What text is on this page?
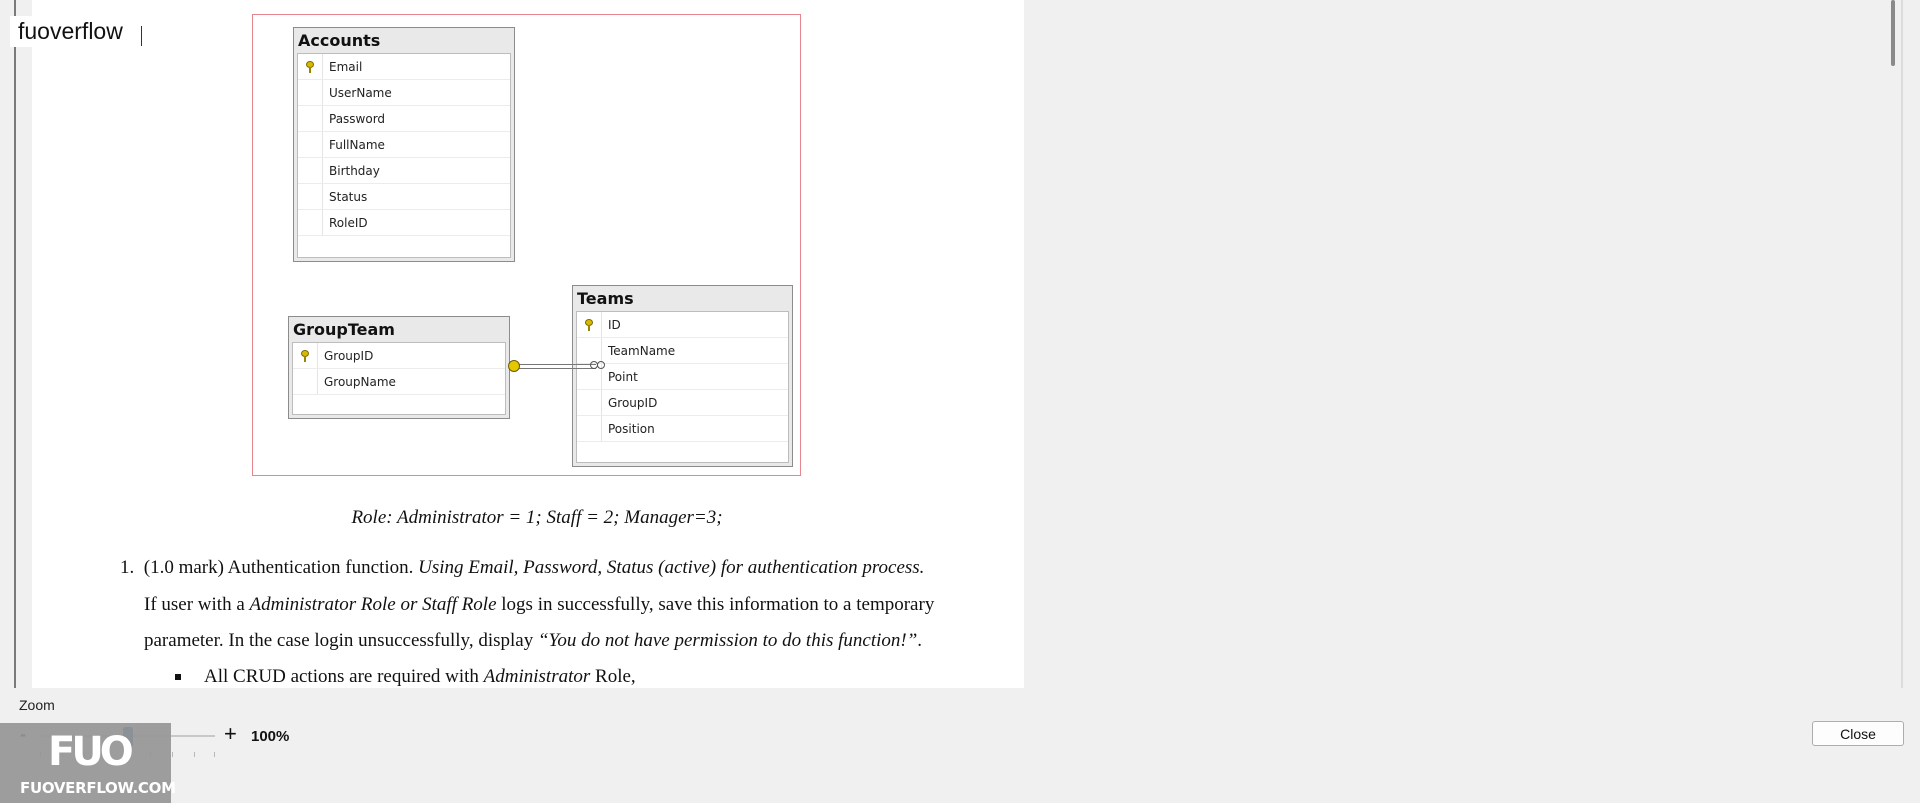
Accounts
Email
UserName
Password
FullName
Birthday
Status
RoleID
GroupTeam
GroupID
GroupName
Teams
ID
TeamName
Point
GroupID
Position
Role: Administrator = 1; Staff = 2; Manager=3;
1. (1.0 mark) Authentication function. Using Email, Password, Status (active) for authentication process.
If user with a Administrator Role or Staff Role logs in successfully, save this information to a temporary
parameter. In the case login unsuccessfully, display “You do not have permission to do this function!”.
All CRUD actions are required with Administrator Role,
fuoverflow
Zoom
+ 100%	Close
FUO
FUOVERFLOW.COM
